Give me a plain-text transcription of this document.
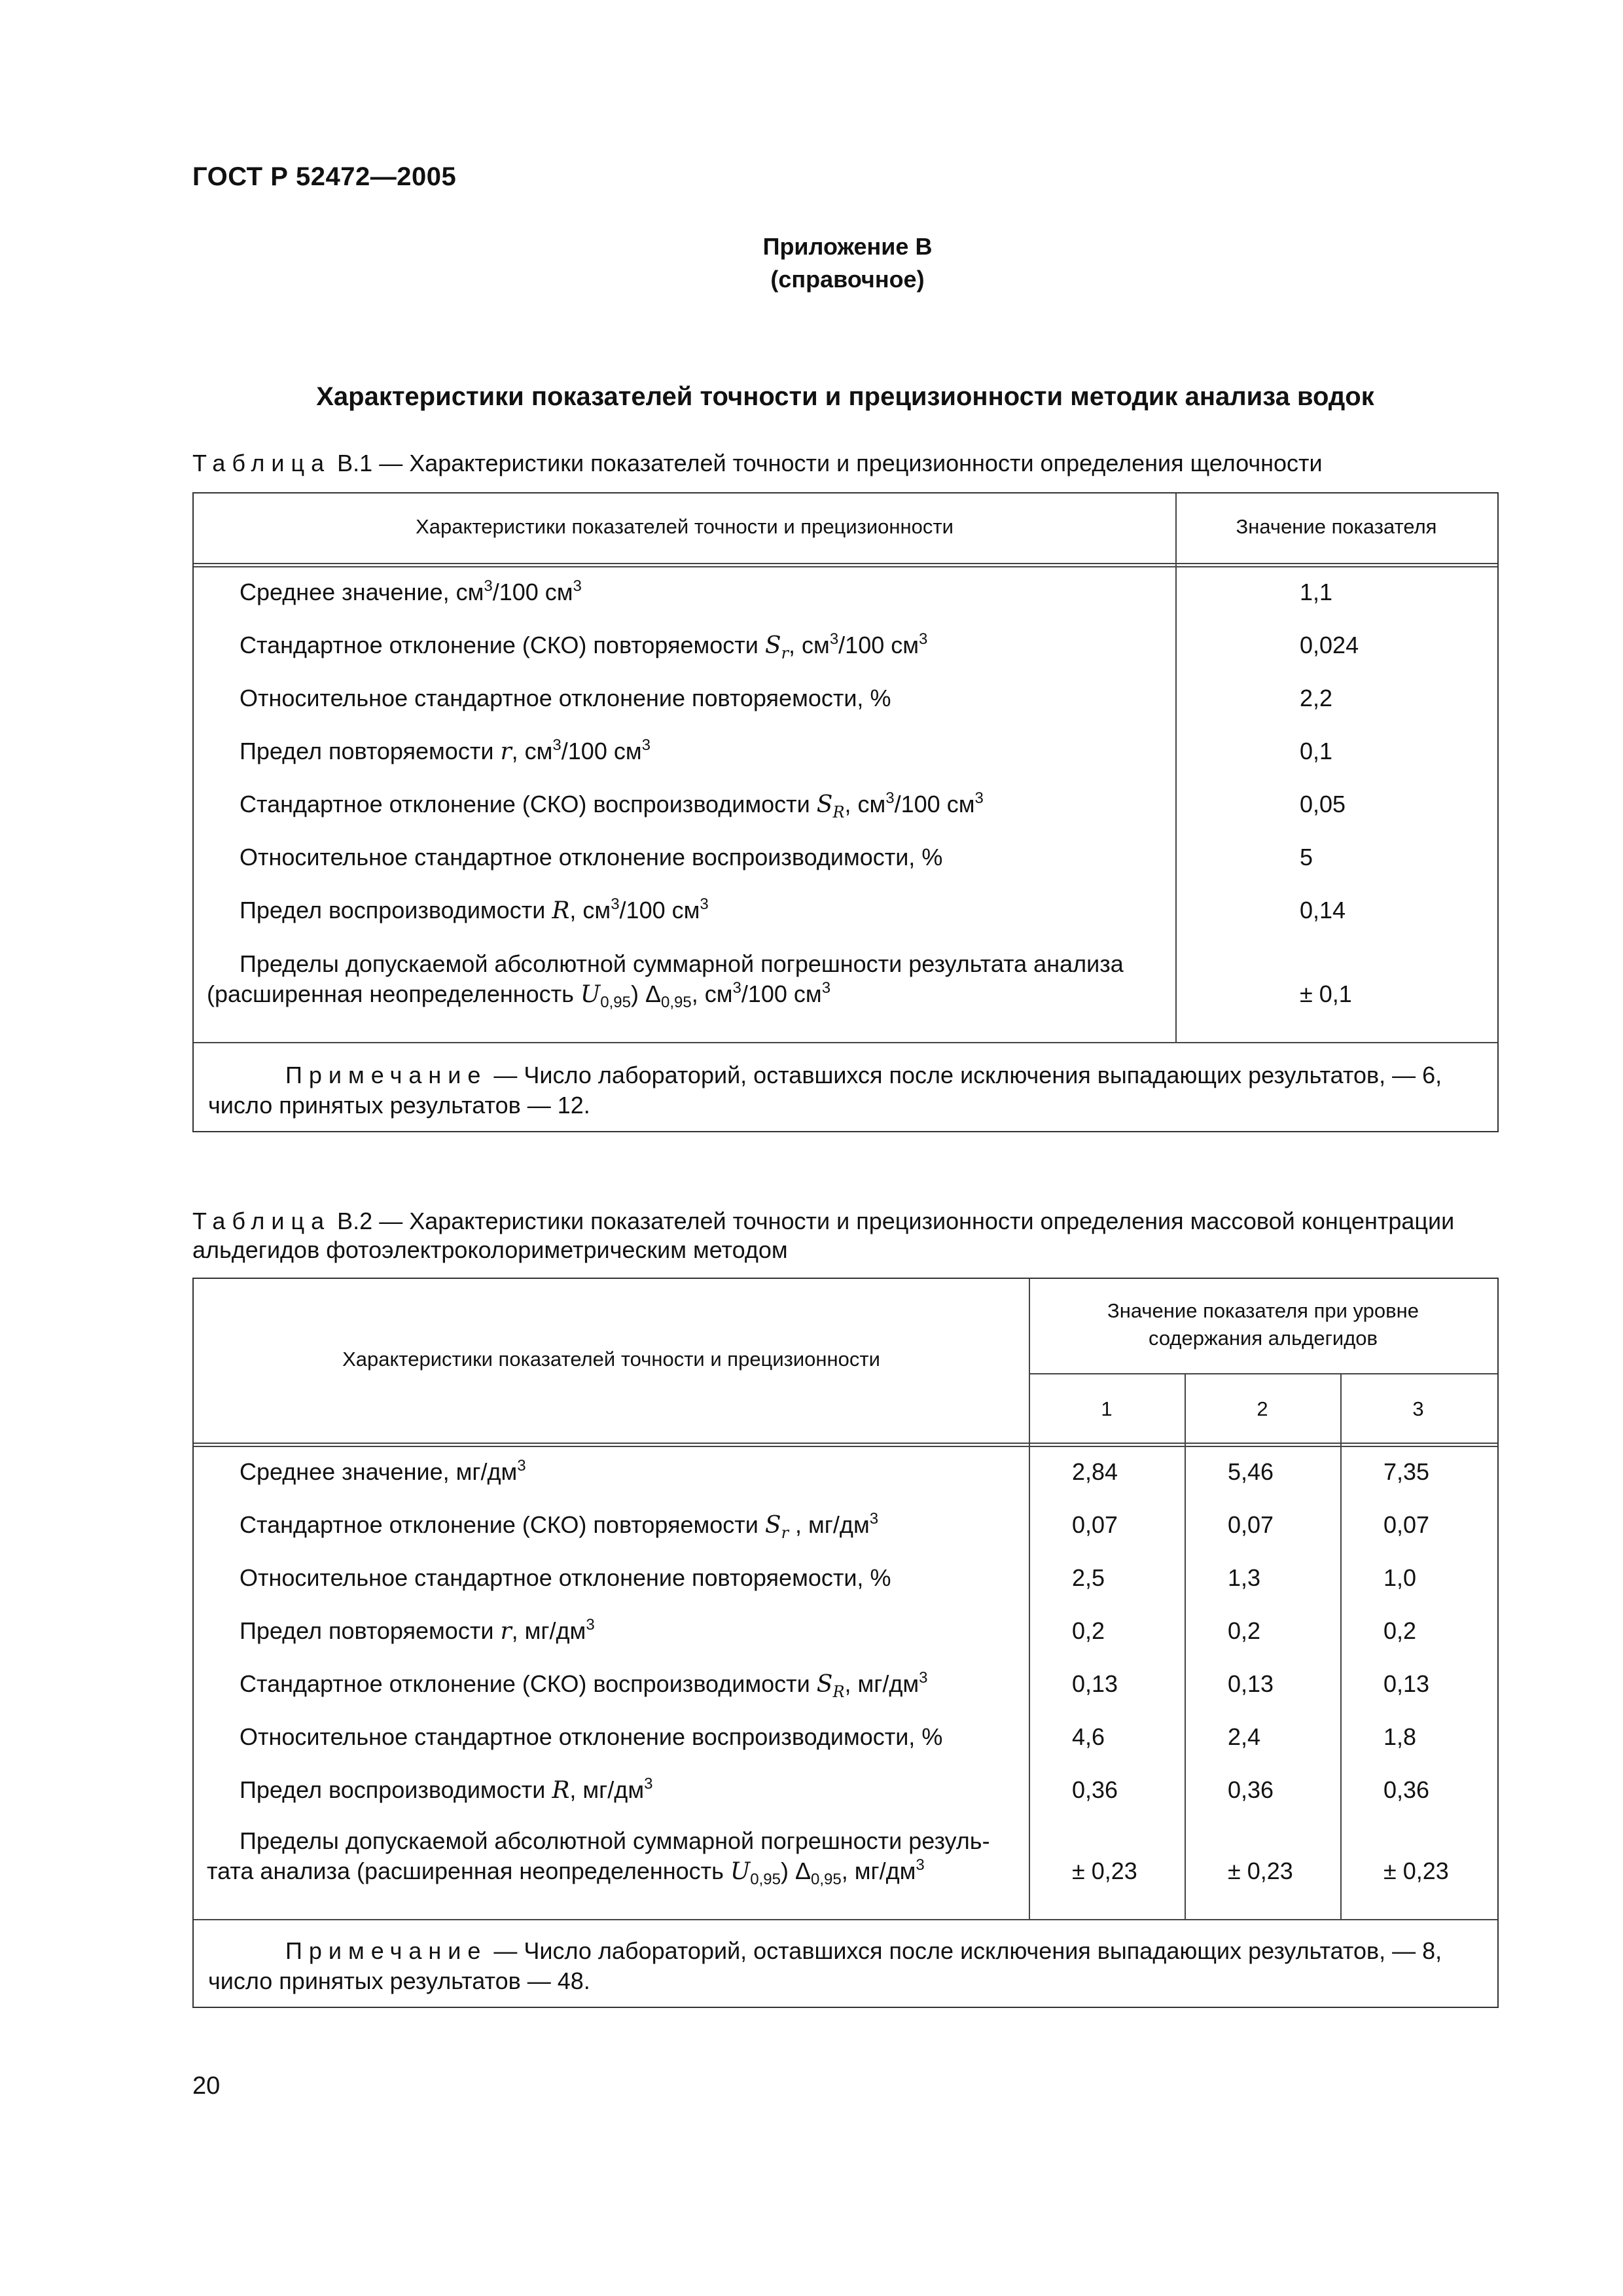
ГОСТ Р 52472—2005
Приложение В
(справочное)
Характеристики показателей точности и прецизионности методик анализа водок
Таблица В.1 — Характеристики показателей точности и прецизионности определения щелочности
Характеристики показателей точности и прецизионности	Значение показателя
Среднее значение, $см^3/100$ $см^3$	1,1
Стандартное отклонение (СКО) повторяемости $S_r$, $см^3/100$ $см^3$	0,024
Относительное стандартное отклонение повторяемости, %	2,2
Предел повторяемости r, $см^3/100$ $см^3$	0,1
Стандартное отклонение (СКО) воспроизводимости $S_R$, $см^3/100$ $см^3$	0,05
Относительное стандартное отклонение воспроизводимости, %	5
Предел воспроизводимости R, $см^3/100$ $см^3$	0,14
Пределы допускаемой абсолютной суммарной погрешности результата анализа
(расширенная неопределенность $U_{0,95}$) $\Delta_{0,95}$, $см^3/100$ $см^3$	± 0,1
Примечание — Число лабораторий, оставшихся после исключения выпадающих результатов, — 6,
число принятых результатов — 12.
Таблица В.2 — Характеристики показателей точности и прецизионности определения массовой концентрации
альдегидов фотоэлектроколориметрическим методом
Характеристики показателей точности и прецизионности
Значение показателя при уровне
содержания альдегидов
1	2	3
Среднее значение, $мг/дм^3$	2,84	5,46	7,35
Стандартное отклонение (СКО) повторяемости $S_r$ , $мг/дм^3$	0,07	0,07	0,07
Относительное стандартное отклонение повторяемости, %	2,5	1,3	1,0
Предел повторяемости r, $мг/дм^3$	0,2	0,2	0,2
Стандартное отклонение (СКО) воспроизводимости $S_R$, $мг/дм^3$	0,13	0,13	0,13
Относительное стандартное отклонение воспроизводимости, %	4,6	2,4	1,8
Предел воспроизводимости R, $мг/дм^3$	0,36	0,36	0,36
Пределы допускаемой абсолютной суммарной погрешности резуль-
тата анализа (расширенная неопределенность $U_{0,95}$) $\Delta_{0,95}$, $мг/дм^3$	± 0,23	± 0,23	± 0,23
Примечание — Число лабораторий, оставшихся после исключения выпадающих результатов, — 8,
число принятых результатов — 48.
20
